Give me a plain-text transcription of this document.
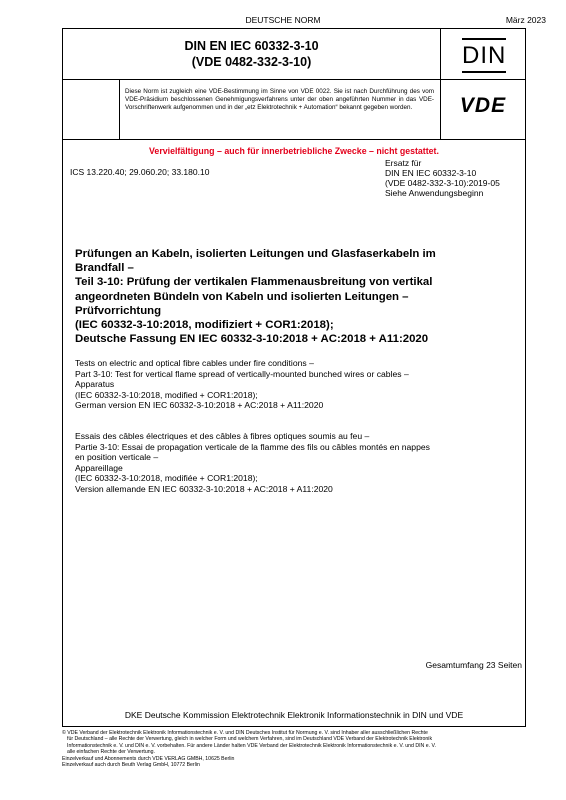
DEUTSCHE NORM	März 2023
DIN EN IEC 60332-3-10
(VDE 0482-332-3-10)	DIN
Diese Norm ist zugleich eine VDE-Bestimmung im Sinne von VDE 0022. Sie ist nach Durchführung des vom VDE-Präsidium beschlossenen Genehmigungsverfahrens unter der oben angeführten Nummer in das VDE-Vorschriftenwerk aufgenommen und in der „etz Elektrotechnik + Automation“ bekannt gegeben worden.	VDE
Vervielfältigung – auch für innerbetriebliche Zwecke – nicht gestattet.
ICS 13.220.40; 29.060.20; 33.180.10
Ersatz für
DIN EN IEC 60332-3-10
(VDE 0482-332-3-10):2019-05
Siehe Anwendungsbeginn
Prüfungen an Kabeln, isolierten Leitungen und Glasfaserkabeln im
Brandfall –
Teil 3-10: Prüfung der vertikalen Flammenausbreitung von vertikal
angeordneten Bündeln von Kabeln und isolierten Leitungen –
Prüfvorrichtung
(IEC 60332-3-10:2018, modifiziert + COR1:2018);
Deutsche Fassung EN IEC 60332-3-10:2018 + AC:2018 + A11:2020
Tests on electric and optical fibre cables under fire conditions –
Part 3-10: Test for vertical flame spread of vertically-mounted bunched wires or cables –
Apparatus
(IEC 60332-3-10:2018, modified + COR1:2018);
German version EN IEC 60332-3-10:2018 + AC:2018 + A11:2020
Essais des câbles électriques et des câbles à fibres optiques soumis au feu –
Partie 3-10: Essai de propagation verticale de la flamme des fils ou câbles montés en nappes
en position verticale –
Appareillage
(IEC 60332-3-10:2018, modifiée + COR1:2018);
Version allemande EN IEC 60332-3-10:2018 + AC:2018 + A11:2020
Gesamtumfang 23 Seiten
DKE Deutsche Kommission Elektrotechnik Elektronik Informationstechnik in DIN und VDE
© VDE Verband der Elektrotechnik Elektronik Informationstechnik e. V. und DIN Deutsches Institut für Normung e. V. sind Inhaber aller ausschließlichen Rechte
für Deutschland – alle Rechte der Verwertung, gleich in welcher Form und welchem Verfahren, sind im Deutschland VDE Verband der Elektrotechnik Elektronik
Informationstechnik e. V. und DIN e. V. vorbehalten. Für andere Länder halten VDE Verband der Elektrotechnik Elektronik Informationstechnik e. V. und DIN e. V.
alle einfachen Rechte der Verwertung.
Einzelverkauf und Abonnements durch VDE VERLAG GMBH, 10625 Berlin
Einzelverkauf auch durch Beuth Verlag GmbH, 10772 Berlin
